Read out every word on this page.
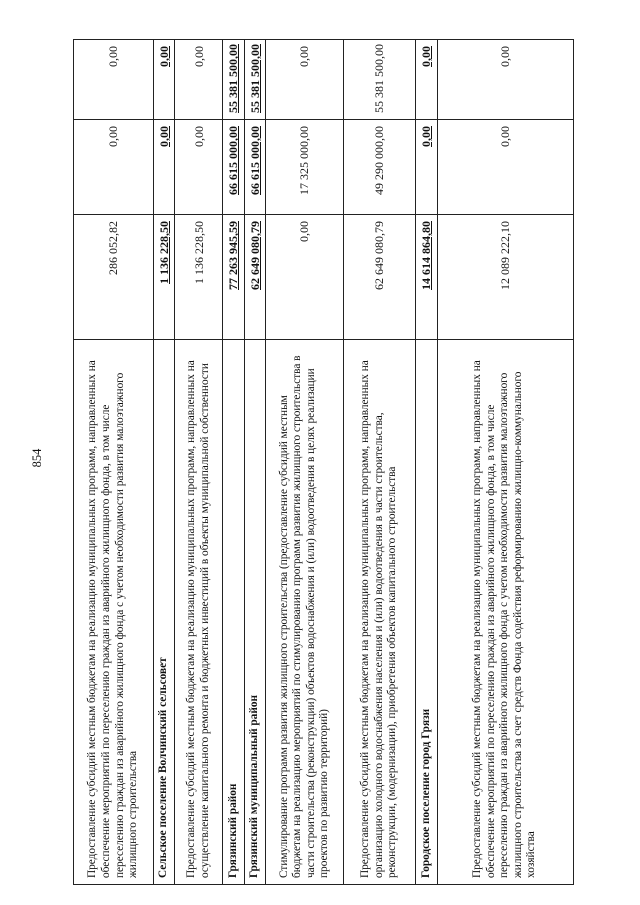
854	Предоставление субсидий местным бюджетам на реализацию муниципальных программ, направленных на обеспечение мероприятий по переселению граждан из аварийного жилищного фонда, в том числе переселению граждан из аварийного жилищного фонда с учетом необходимости развития малоэтажного жилищного строительства	286 052,82	0,00	0,00
Сельское поселение Волчинский сельсовет	1 136 228,50	0,00	0,00
Предоставление субсидий местным бюджетам на реализацию муниципальных программ, направленных на осуществление капитального ремонта и бюджетных инвестиций в объекты муниципальной собственности	1 136 228,50	0,00	0,00
Грязинский район	77 263 945,59	66 615 000,00	55 381 500,00
Грязинский муниципальный район	62 649 080,79	66 615 000,00	55 381 500,00
Стимулирование программ развития жилищного строительства (предоставление субсидий местным бюджетам на реализацию мероприятий по стимулированию программ развития жилищного строительства в части строительства (реконструкции) объектов водоснабжения и (или) водоотведения в целях реализации проектов по развитию территорий)	0,00	17 325 000,00	0,00
Предоставление субсидий местным бюджетам на реализацию муниципальных программ, направленных на организацию холодного водоснабжения населения и (или) водоотведения в части строительства, реконструкции, (модернизации), приобретения объектов капитального строительства	62 649 080,79	49 290 000,00	55 381 500,00
Городское поселение город Грязи	14 614 864,80	0,00	0,00
Предоставление субсидий местным бюджетам на реализацию муниципальных программ, направленных на обеспечение мероприятий по переселению граждан из аварийного жилищного фонда, в том числе переселению граждан из аварийного жилищного фонда с учетом необходимости развития малоэтажного жилищного строительства за счет средств Фонда содействия реформированию жилищно-коммунального хозяйства	12 089 222,10	0,00	0,00
